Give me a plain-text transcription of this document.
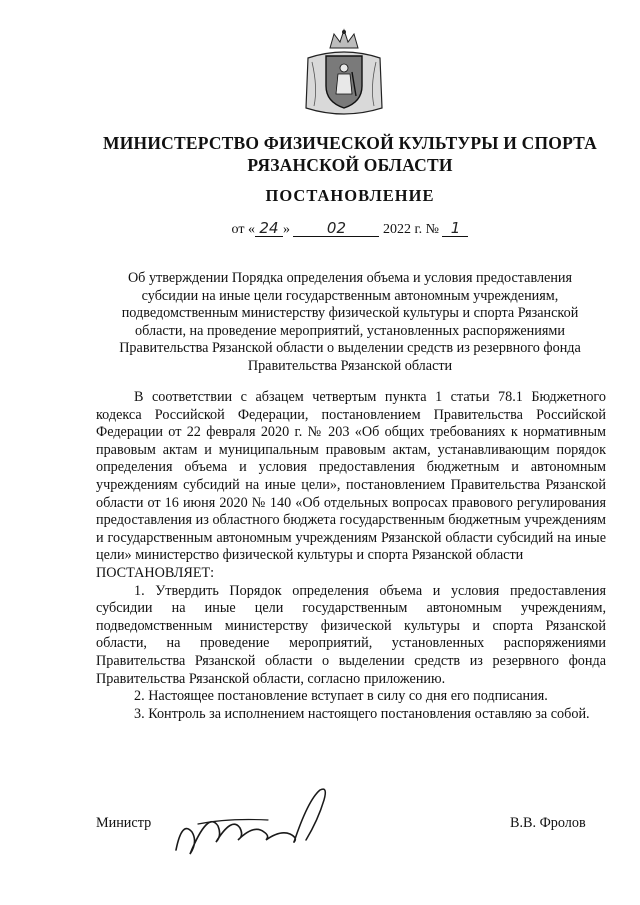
МИНИСТЕРСТВО ФИЗИЧЕСКОЙ КУЛЬТУРЫ И СПОРТА
РЯЗАНСКОЙ ОБЛАСТИ
ПОСТАНОВЛЕНИЕ
от « 24 » 02	2022 г. № 1
Об утверждении Порядка определения объема и условия предоставления
субсидии на иные цели государственным автономным учреждениям,
подведомственным министерству физической культуры и спорта Рязанской
области, на проведение мероприятий, установленных распоряжениями
Правительства Рязанской области о выделении средств из резервного фонда
Правительства Рязанской области

В соответствии с абзацем четвертым пункта 1 статьи 78.1 Бюджетного кодекса Российской Федерации, постановлением Правительства Российской Федерации от 22 февраля 2020 г. № 203 «Об общих требованиях к нормативным правовым актам и муниципальным правовым актам, устанавливающим порядок определения объема и условия предоставления бюджетным и автономным учреждениям субсидий на иные цели», постановлением Правительства Рязанской области от 16 июня 2020 № 140 «Об отдельных вопросах правового регулирования предоставления из областного бюджета государственным бюджетным учреждениям и государственным автономным учреждениям Рязанской области субсидий на иные цели» министерство физической культуры и спорта Рязанской области

ПОСТАНОВЛЯЕТ:

1. Утвердить Порядок определения объема и условия предоставления субсидии на иные цели государственным автономным учреждениям, подведомственным министерству физической культуры и спорта Рязанской области, на проведение мероприятий, установленных распоряжениями Правительства Рязанской области о выделении средств из резервного фонда Правительства Рязанской области, согласно приложению.

2. Настоящее постановление вступает в силу со дня его подписания.

3. Контроль за исполнением настоящего постановления оставляю за собой.

Министр	В.В. Фролов
